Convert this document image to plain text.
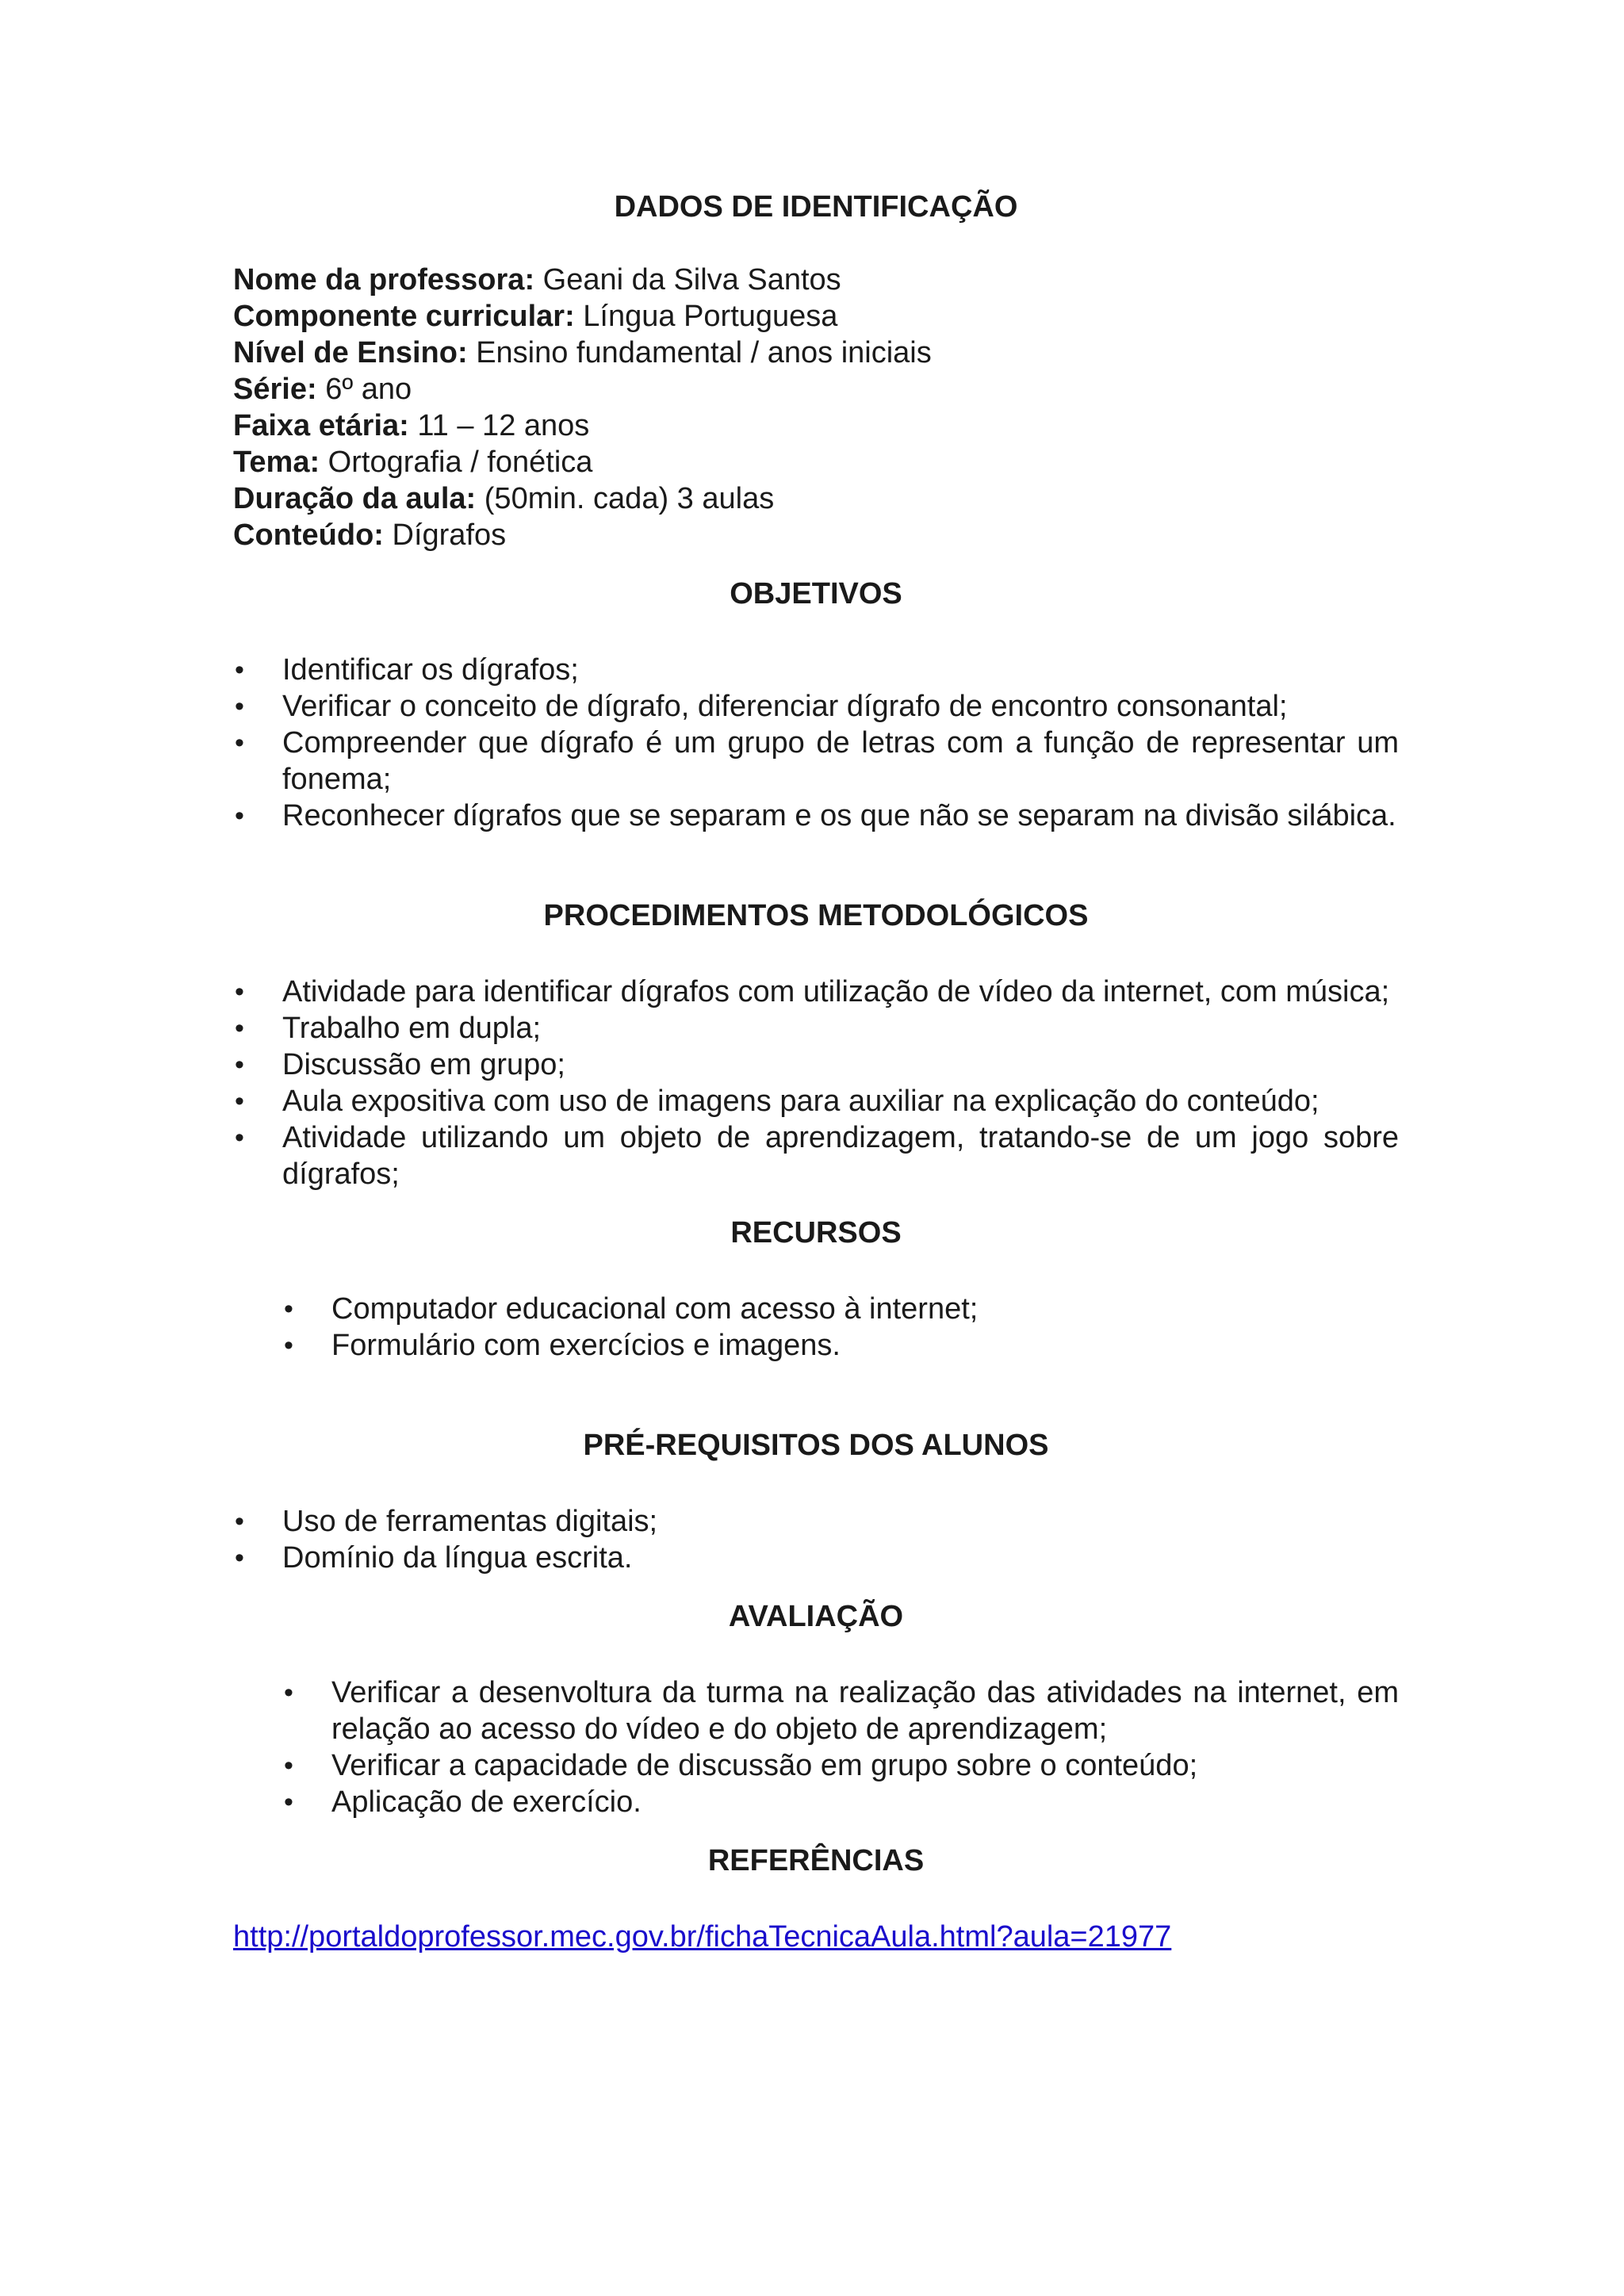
DADOS DE IDENTIFICAÇÃO

Nome da professora: Geani da Silva Santos

Componente curricular: Língua Portuguesa

Nível de Ensino: Ensino fundamental / anos iniciais

Série: 6º ano

Faixa etária: 11 – 12 anos

Tema: Ortografia / fonética

Duração da aula: (50min. cada) 3 aulas

Conteúdo: Dígrafos

OBJETIVOS
• Identificar os dígrafos;
• Verificar o conceito de dígrafo, diferenciar dígrafo de encontro consonantal;
• Compreender que dígrafo é um grupo de letras com a função de representar um fonema;
• Reconhecer dígrafos que se separam e os que não se separam na divisão silábica.
PROCEDIMENTOS METODOLÓGICOS
• Atividade para identificar dígrafos com utilização de vídeo da internet, com música;
• Trabalho em dupla;
• Discussão em grupo;
• Aula expositiva com uso de imagens para auxiliar na explicação do conteúdo;
• Atividade utilizando um objeto de aprendizagem, tratando-se de um jogo sobre dígrafos;
RECURSOS
• Computador educacional com acesso à internet;
• Formulário com exercícios e imagens.
PRÉ-REQUISITOS DOS ALUNOS
• Uso de ferramentas digitais;
• Domínio da língua escrita.
AVALIAÇÃO
• Verificar a desenvoltura da turma na realização das atividades na internet, em relação ao acesso do vídeo e do objeto de aprendizagem;
• Verificar a capacidade de discussão em grupo sobre o conteúdo;
• Aplicação de exercício.
REFERÊNCIAS

http://portaldoprofessor.mec.gov.br/fichaTecnicaAula.html?aula=21977
